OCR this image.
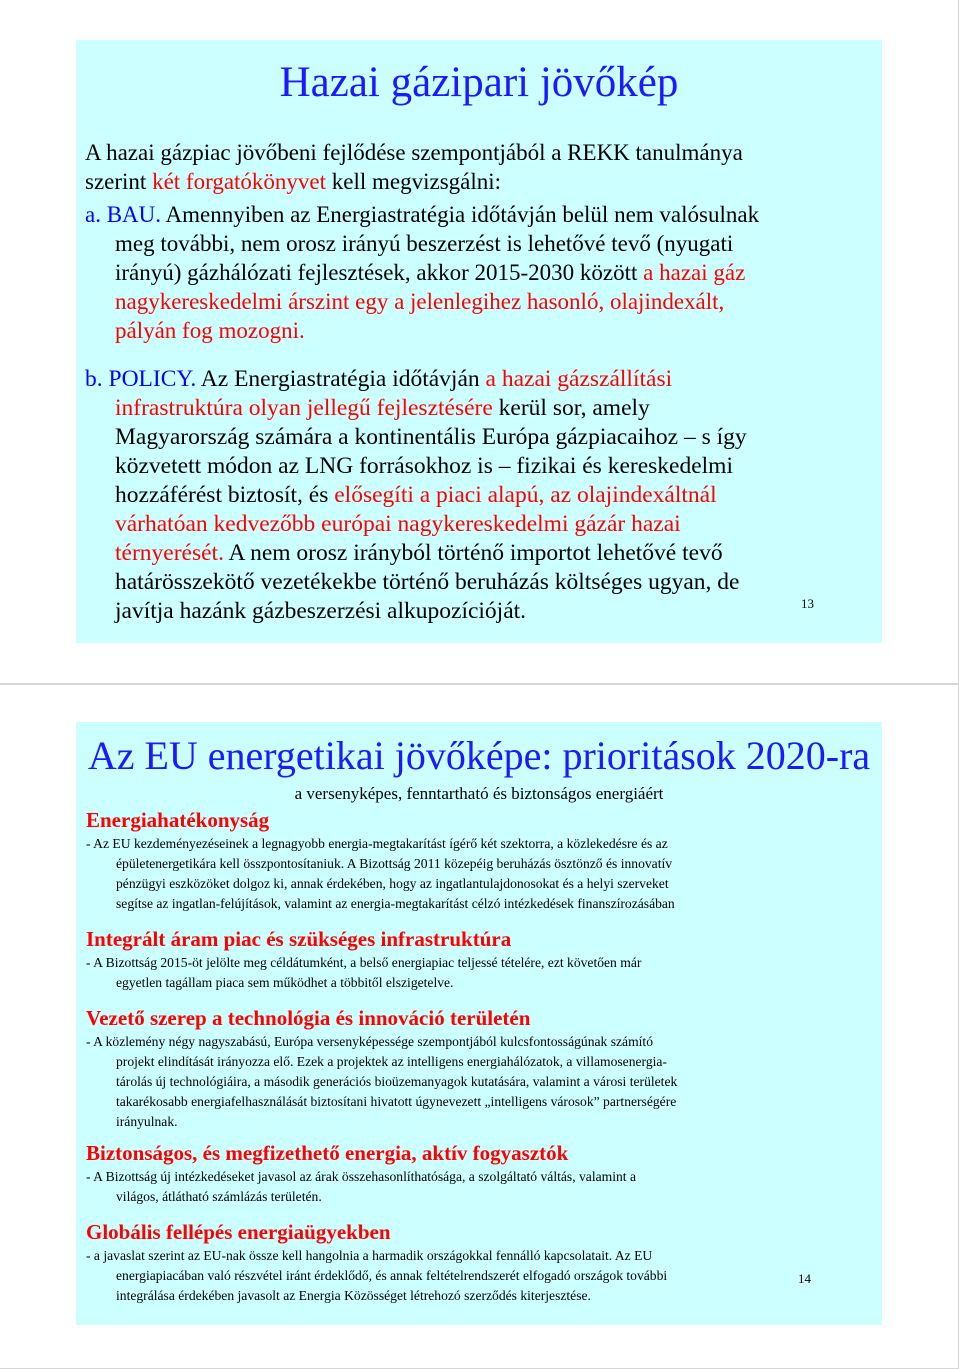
Hazai gázipari jövőkép
A hazai gázpiac jövőbeni fejlődése szempontjából a REKK tanulmánya
szerint két forgatókönyvet kell megvizsgálni:
a. BAU. Amennyiben az Energiastratégia időtávján belül nem valósulnak
meg további, nem orosz irányú beszerzést is lehetővé tevő (nyugati
irányú) gázhálózati fejlesztések, akkor 2015-2030 között a hazai gáz
nagykereskedelmi árszint egy a jelenlegihez hasonló, olajindexált,
pályán fog mozogni.
b. POLICY. Az Energiastratégia időtávján a hazai gázszállítási
infrastruktúra olyan jellegű fejlesztésére kerül sor, amely
Magyarország számára a kontinentális Európa gázpiacaihoz – s így
közvetett módon az LNG forrásokhoz is – fizikai és kereskedelmi
hozzáférést biztosít, és elősegíti a piaci alapú, az olajindexáltnál
várhatóan kedvezőbb európai nagykereskedelmi gázár hazai
térnyerését. A nem orosz irányból történő importot lehetővé tevő
határösszekötő vezetékekbe történő beruházás költséges ugyan, de
javítja hazánk gázbeszerzési alkupozícióját.	13
Az EU energetikai jövőképe: prioritások 2020-ra
a versenyképes, fenntartható és biztonságos energiáért
Energiahatékonyság
- Az EU kezdeményezéseinek a legnagyobb energia-megtakarítást ígérő két szektorra, a közlekedésre és az
épületenergetikára kell összpontosítaniuk. A Bizottság 2011 közepéig beruházás ösztönző és innovatív
pénzügyi eszközöket dolgoz ki, annak érdekében, hogy az ingatlantulajdonosokat és a helyi szerveket
segítse az ingatlan-felújítások, valamint az energia-megtakarítást célzó intézkedések finanszírozásában
Integrált áram piac és szükséges infrastruktúra
- A Bizottság 2015-öt jelölte meg céldátumként, a belső energiapiac teljessé tételére, ezt követően már
egyetlen tagállam piaca sem működhet a többitől elszigetelve.
Vezető szerep a technológia és innováció területén
- A közlemény négy nagyszabású, Európa versenyképessége szempontjából kulcsfontosságúnak számító
projekt elindítását irányozza elő. Ezek a projektek az intelligens energiahálózatok, a villamosenergia-
tárolás új technológiáira, a második generációs bioüzemanyagok kutatására, valamint a városi területek
takarékosabb energiafelhasználását biztosítani hivatott úgynevezett „intelligens városok” partnerségére
irányulnak.
Biztonságos, és megfizethető energia, aktív fogyasztók
- A Bizottság új intézkedéseket javasol az árak összehasonlíthatósága, a szolgáltató váltás, valamint a
világos, átlátható számlázás területén.
Globális fellépés energiaügyekben
- a javaslat szerint az EU-nak össze kell hangolnia a harmadik országokkal fennálló kapcsolatait. Az EU
energiapiacában való részvétel iránt érdeklődő, és annak feltételrendszerét elfogadó országok további
integrálása érdekében javasolt az Energia Közösséget létrehozó szerződés kiterjesztése.
14
